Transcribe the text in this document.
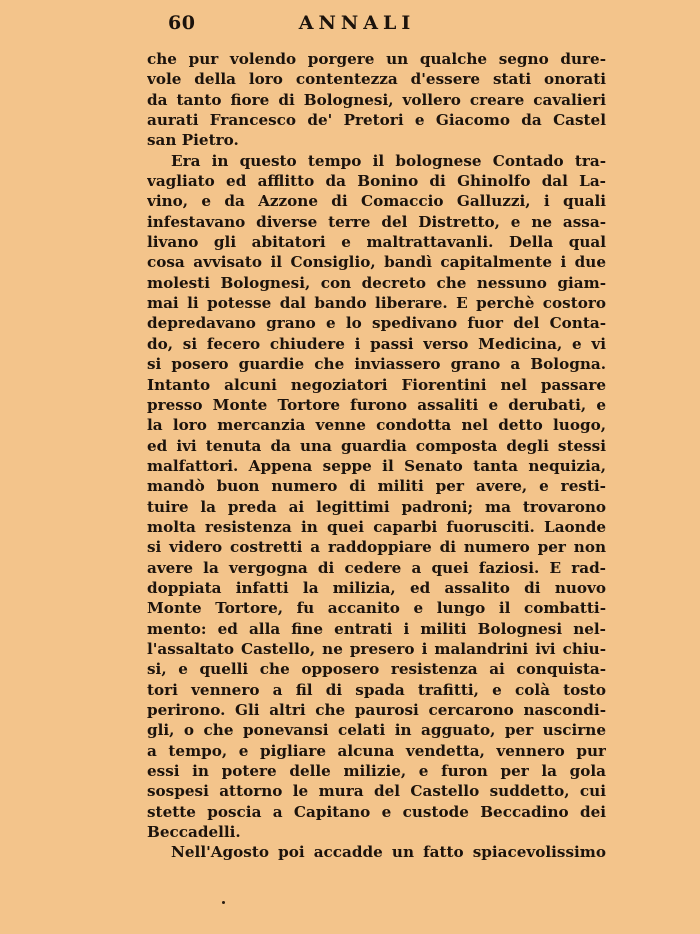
60	ANNALI
che pur volendo porgere un qualche segno dure-
vole della loro contentezza d'essere stati onorati
da tanto fiore di Bolognesi, vollero creare cavalieri
aurati Francesco de' Pretori e Giacomo da Castel
san Pietro.
Era in questo tempo il bolognese Contado tra-
vagliato ed afflitto da Bonino di Ghinolfo dal La-
vino, e da Azzone di Comaccio Galluzzi, i quali
infestavano diverse terre del Distretto, e ne assa-
livano gli abitatori e maltrattavanli. Della qual
cosa avvisato il Consiglio, bandì capitalmente i due
molesti Bolognesi, con decreto che nessuno giam-
mai li potesse dal bando liberare. E perchè costoro
depredavano grano e lo spedivano fuor del Conta-
do, si fecero chiudere i passi verso Medicina, e vi
si posero guardie che inviassero grano a Bologna.
Intanto alcuni negoziatori Fiorentini nel passare
presso Monte Tortore furono assaliti e derubati, e
la loro mercanzia venne condotta nel detto luogo,
ed ivi tenuta da una guardia composta degli stessi
malfattori. Appena seppe il Senato tanta nequizia,
mandò buon numero di militi per avere, e resti-
tuire la preda ai legittimi padroni; ma trovarono
molta resistenza in quei caparbi fuorusciti. Laonde
si videro costretti a raddoppiare di numero per non
avere la vergogna di cedere a quei faziosi. E rad-
doppiata infatti la milizia, ed assalito di nuovo
Monte Tortore, fu accanito e lungo il combatti-
mento: ed alla fine entrati i militi Bolognesi nel-
l'assaltato Castello, ne presero i malandrini ivi chiu-
si, e quelli che opposero resistenza ai conquista-
tori vennero a fil di spada trafitti, e colà tosto
perirono. Gli altri che paurosi cercarono nascondi-
gli, o che ponevansi celati in agguato, per uscirne
a tempo, e pigliare alcuna vendetta, vennero pur
essi in potere delle milizie, e furon per la gola
sospesi attorno le mura del Castello suddetto, cui
stette poscia a Capitano e custode Beccadino dei
Beccadelli.
Nell'Agosto poi accadde un fatto spiacevolissimo
